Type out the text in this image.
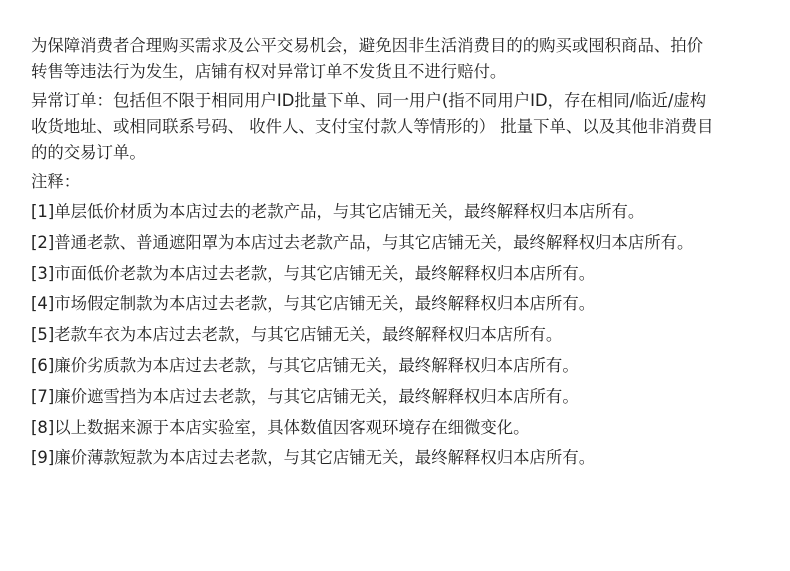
为保障消费者合理购买需求及公平交易机会，避免因非生活消费目的的购买或囤积商品、拍价
转售等违法行为发生，店铺有权对异常订单不发货且不进行赔付。
异常订单：包括但不限于相同用户ID批量下单、同一用户(指不同用户ID，存在相同/临近/虚构
收货地址、或相同联系号码、 收件人、支付宝付款人等情形的） 批量下单、以及其他非消费目
的的交易订单。
注释：
[1]单层低价材质为本店过去的老款产品，与其它店铺无关，最终解释权归本店所有。
[2]普通老款、普通遮阳罩为本店过去老款产品，与其它店铺无关，最终解释权归本店所有。
[3]市面低价老款为本店过去老款，与其它店铺无关，最终解释权归本店所有。
[4]市场假定制款为本店过去老款，与其它店铺无关，最终解释权归本店所有。
[5]老款车衣为本店过去老款，与其它店铺无关，最终解释权归本店所有。
[6]廉价劣质款为本店过去老款，与其它店铺无关，最终解释权归本店所有。
[7]廉价遮雪挡为本店过去老款，与其它店铺无关，最终解释权归本店所有。
[8]以上数据来源于本店实验室，具体数值因客观环境存在细微变化。
[9]廉价薄款短款为本店过去老款，与其它店铺无关，最终解释权归本店所有。
